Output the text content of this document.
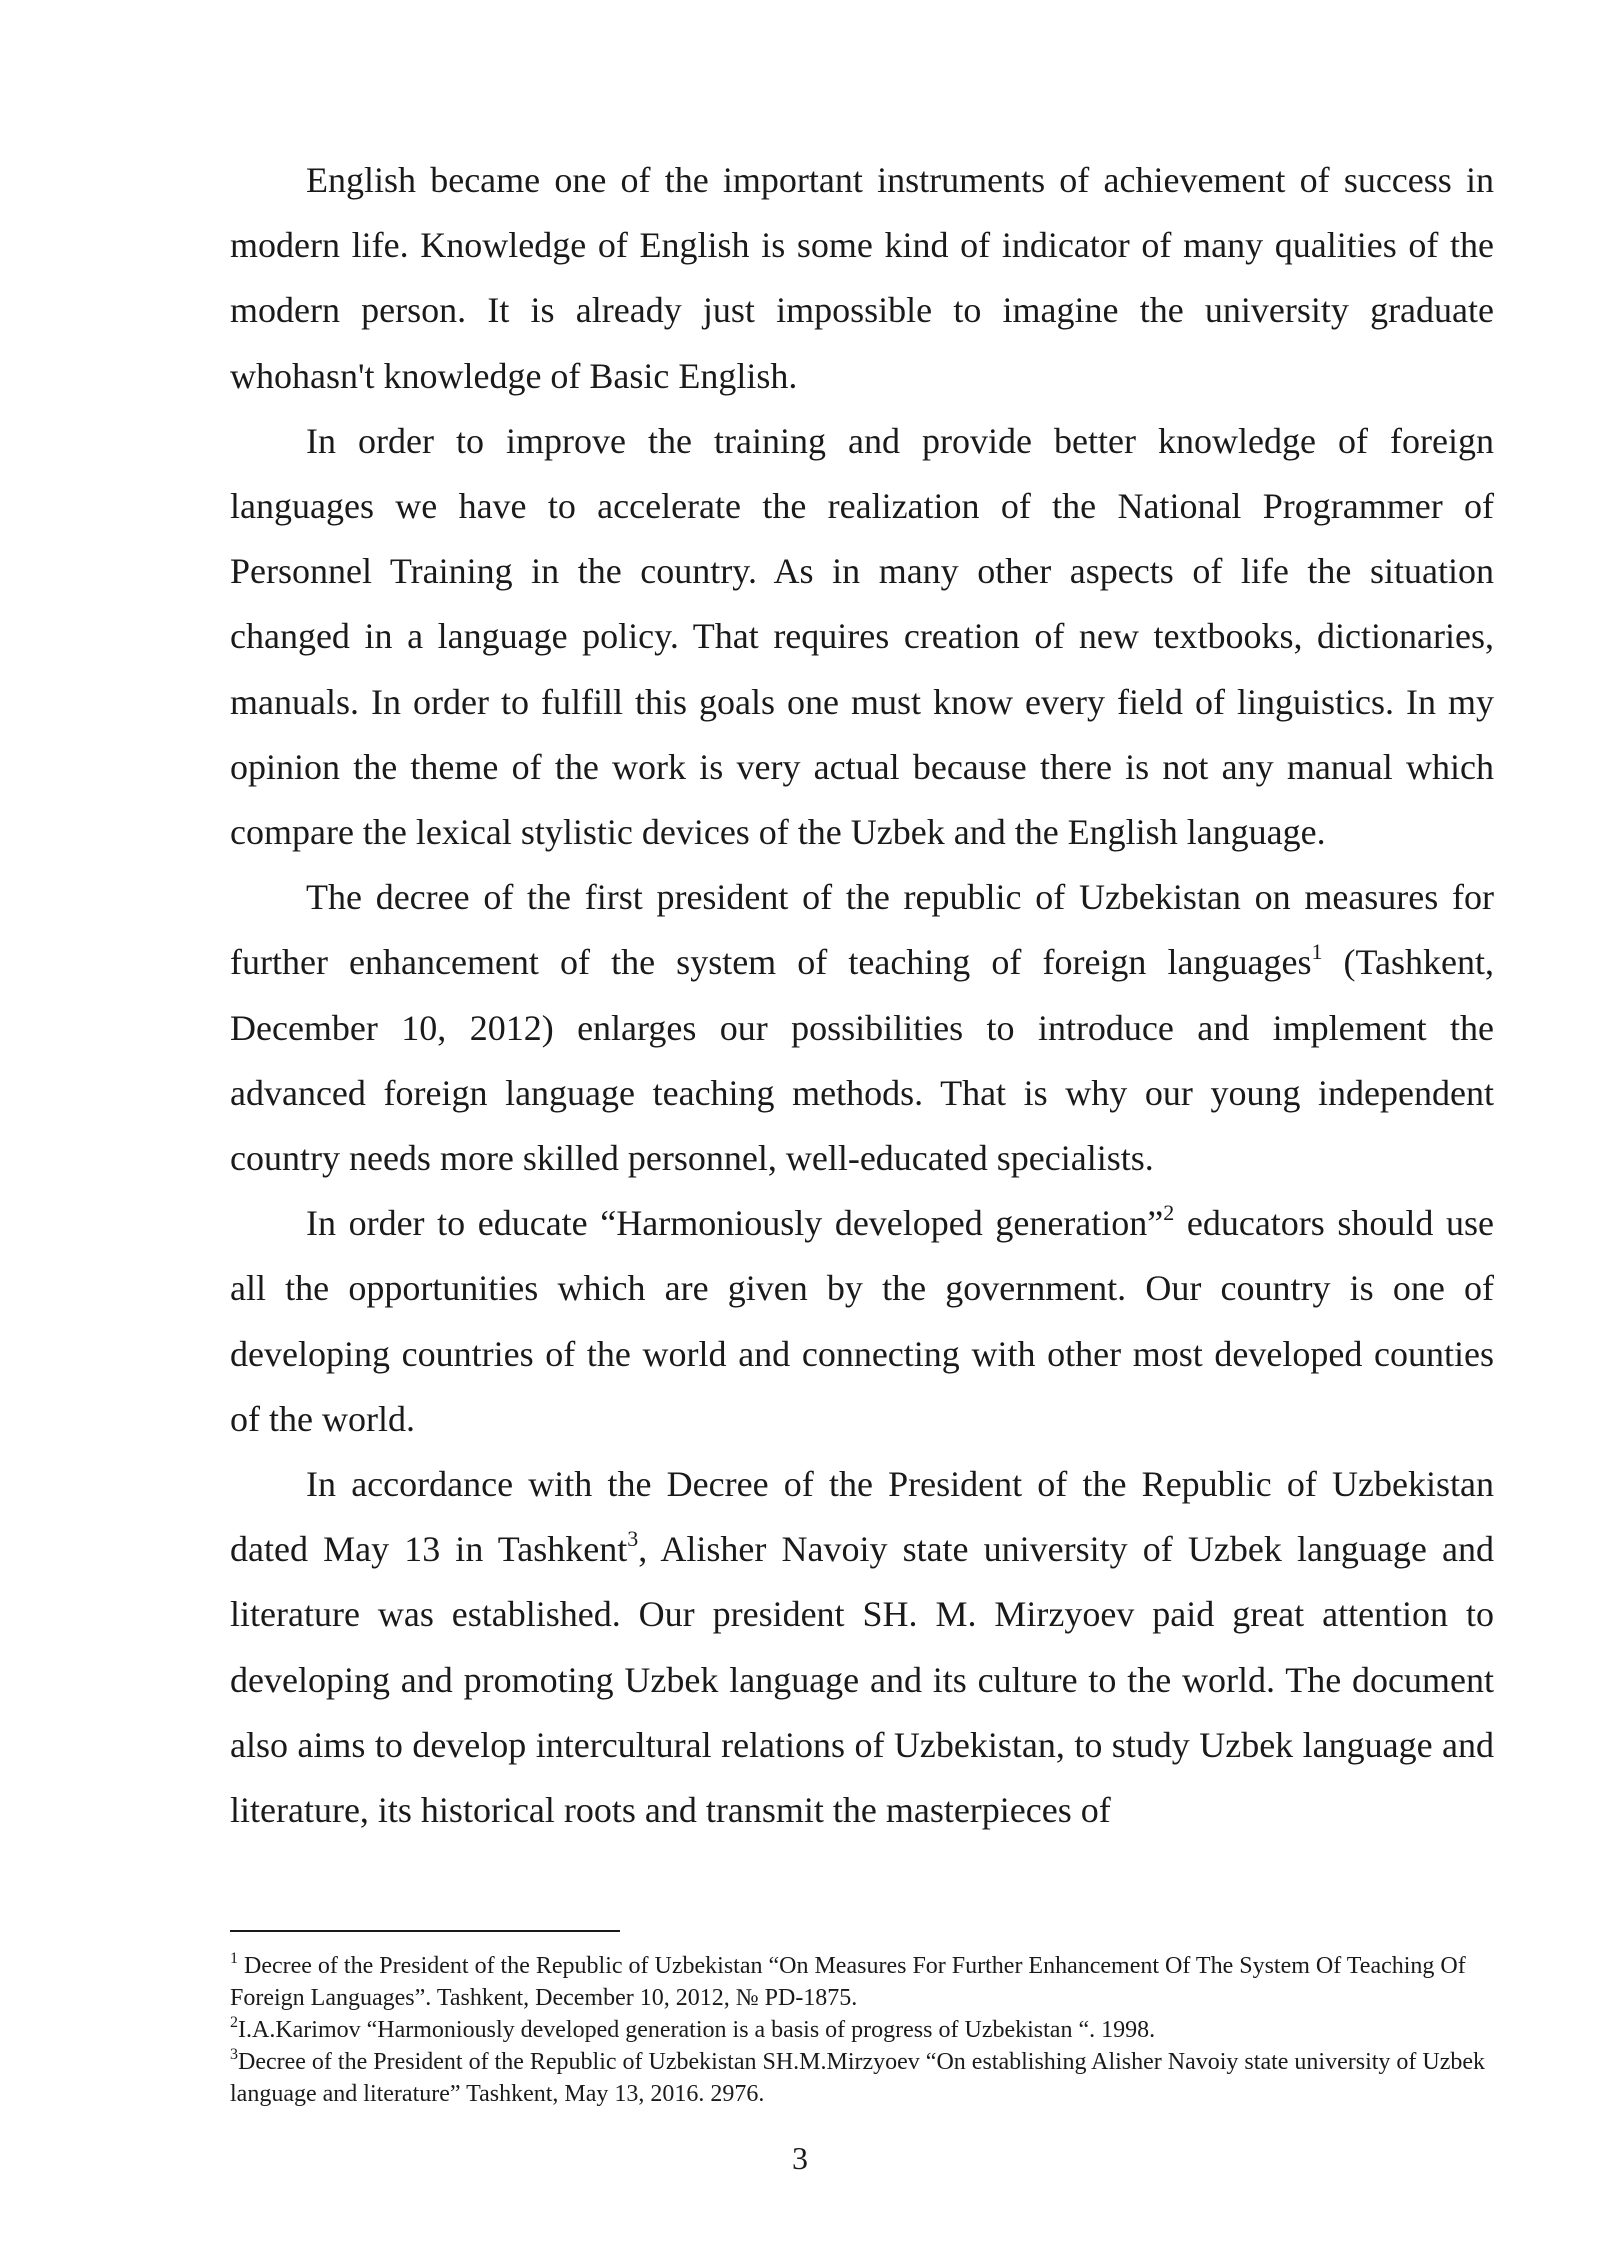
English became one of the important instruments of achievement of success in modern life. Knowledge of English is some kind of indicator of many qualities of the modern person. It is already just impossible to imagine the university graduate whohasn't knowledge of Basic English.

In order to improve the training and provide better knowledge of foreign languages we have to accelerate the realization of the National Programmer of Personnel Training in the country. As in many other aspects of life the situation changed in a language policy. That requires creation of new textbooks, dictionaries, manuals. In order to fulfill this goals one must know every field of linguistics. In my opinion the theme of the work is very actual because there is not any manual which compare the lexical stylistic devices of the Uzbek and the English language.

The decree of the first president of the republic of Uzbekistan on measures for further enhancement of the system of teaching of foreign languages$^1$ (Tashkent, December 10, 2012) enlarges our possibilities to introduce and implement the advanced foreign language teaching methods. That is why our young independent country needs more skilled personnel, well-educated specialists.

In order to educate “Harmoniously developed generation”$^2$ educators should use all the opportunities which are given by the government. Our country is one of developing countries of the world and connecting with other most developed counties of the world.

In accordance with the Decree of the President of the Republic of Uzbekistan dated May 13 in Tashkent$^3$, Alisher Navoiy state university of Uzbek language and literature was established. Our president SH. M. Mirzyoev paid great attention to developing and promoting Uzbek language and its culture to the world. The document also aims to develop intercultural relations of Uzbekistan, to study Uzbek language and literature, its historical roots and transmit the masterpieces of

$^1$ Decree of the President of the Republic of Uzbekistan “On Measures For Further Enhancement Of The System Of Teaching Of Foreign Languages”. Tashkent, December 10, 2012, № PD-1875.

$^2$I.A.Karimov “Harmoniously developed generation is a basis of progress of Uzbekistan “. 1998.

$^3$Decree of the President of the Republic of Uzbekistan SH.M.Mirzyoev “On establishing Alisher Navoiy state university of Uzbek language and literature” Tashkent, May 13, 2016. 2976.

3
